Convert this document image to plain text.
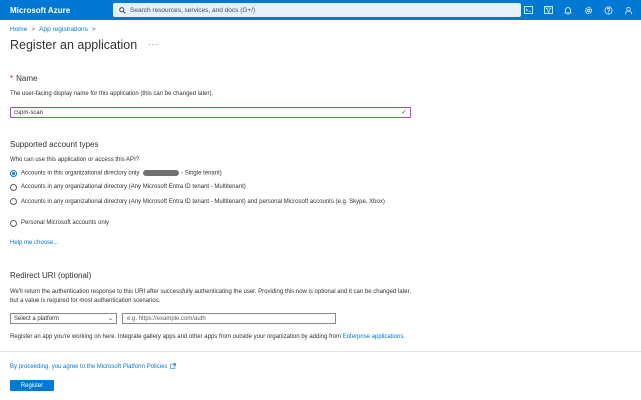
Microsoft Azure	Search resources, services, and docs (G+/)
Home > App registrations >
Register an application ···
* Name
The user-facing display name for this application (this can be changed later).
cspm-scan	✓
Supported account types
Who can use this application or access this API?
Accounts in this organizational directory only	- Single tenant)
Accounts in any organizational directory (Any Microsoft Entra ID tenant - Multitenant)
Accounts in any organizational directory (Any Microsoft Entra ID tenant - Multitenant) and personal Microsoft accounts (e.g. Skype, Xbox)
Personal Microsoft accounts only
Help me choose...
Redirect URI (optional)
We'll return the authentication response to this URI after successfully authenticating the user. Providing this now is optional and it can be changed later, but a value is required for most authentication scenarios.
Select a platform	⌄ e.g. https://example.com/auth
Register an app you're working on here. Integrate gallery apps and other apps from outside your organization by adding from Enterprise applications.
By proceeding, you agree to the Microsoft Platform Policies
Register
